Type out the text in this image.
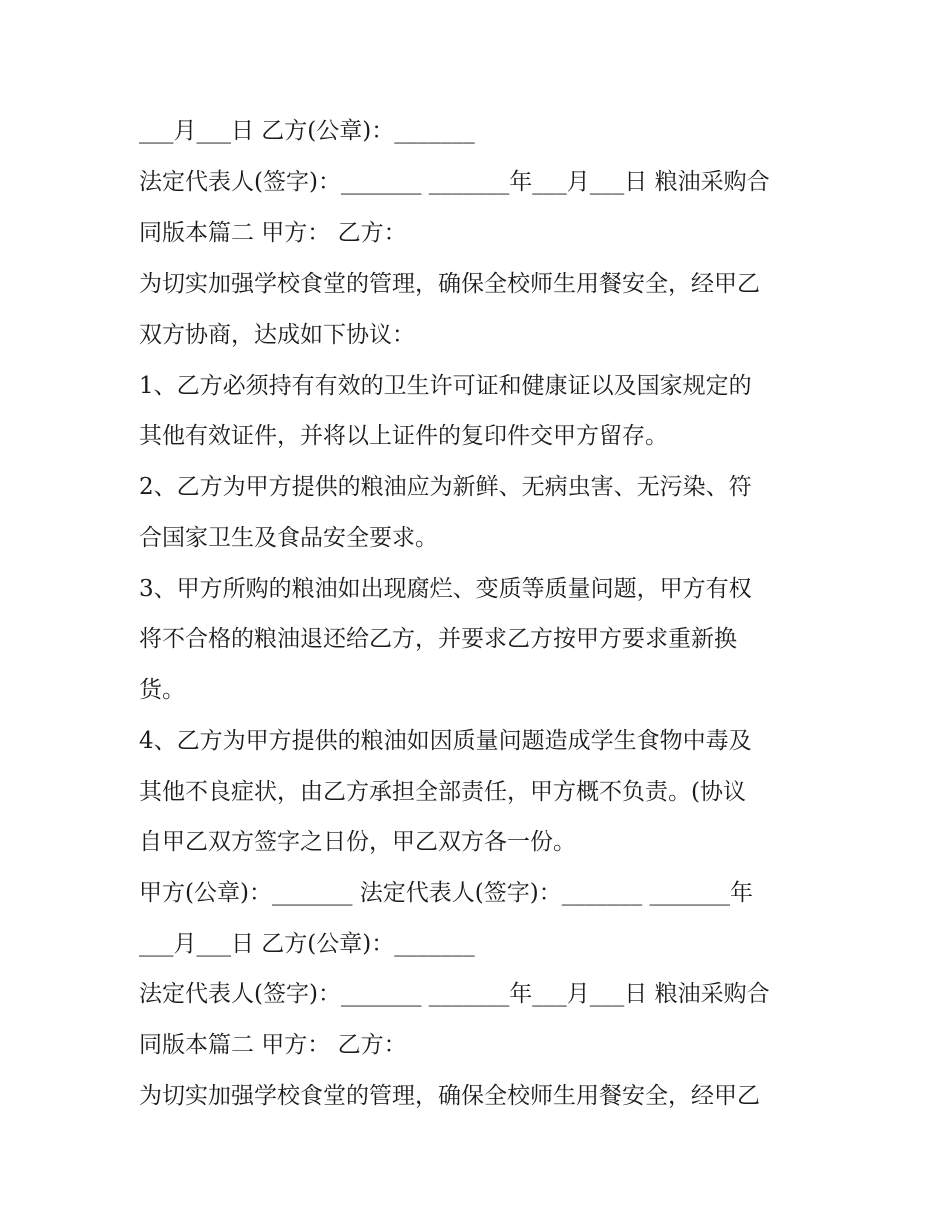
___月___日 乙方(公章)：_______
法定代表人(签字)：_______ _______年___月___日 粮油采购合
同版本篇二 甲方： 乙方：
为切实加强学校食堂的管理，确保全校师生用餐安全，经甲乙
双方协商，达成如下协议：
1、乙方必须持有有效的卫生许可证和健康证以及国家规定的
其他有效证件，并将以上证件的复印件交甲方留存。
2、乙方为甲方提供的粮油应为新鲜、无病虫害、无污染、符
合国家卫生及食品安全要求。
3、甲方所购的粮油如出现腐烂、变质等质量问题，甲方有权
将不合格的粮油退还给乙方，并要求乙方按甲方要求重新换
货。
4、乙方为甲方提供的粮油如因质量问题造成学生食物中毒及
其他不良症状，由乙方承担全部责任，甲方概不负责。(协议
自甲乙双方签字之日份，甲乙双方各一份。
甲方(公章)：_______ 法定代表人(签字)：_______ _______年
___月___日 乙方(公章)：_______
法定代表人(签字)：_______ _______年___月___日 粮油采购合
同版本篇二 甲方： 乙方：
为切实加强学校食堂的管理，确保全校师生用餐安全，经甲乙
